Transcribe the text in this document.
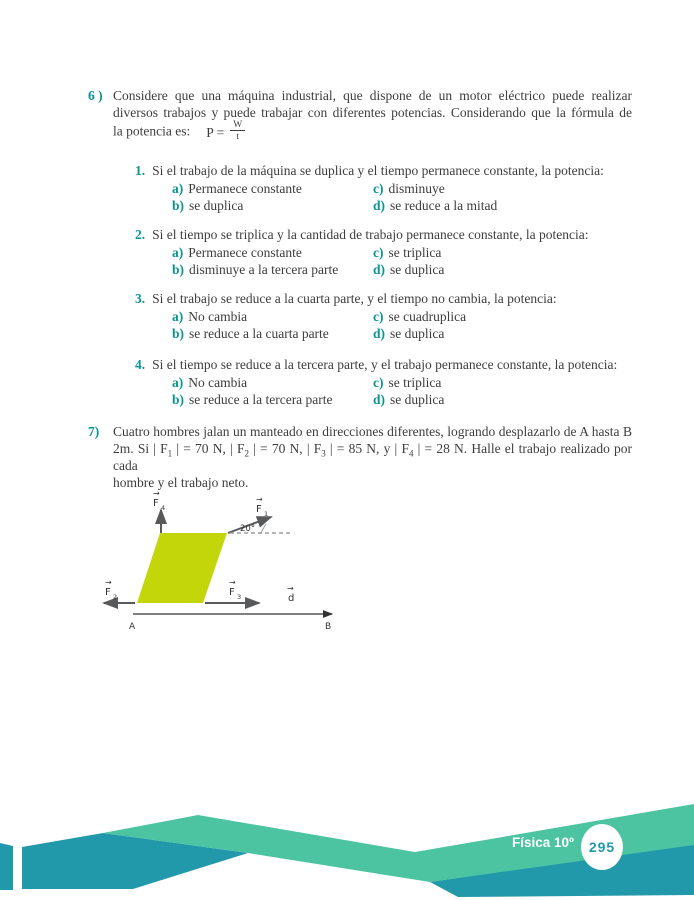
6 ) Considere que una máquina industrial, que dispone de un motor eléctrico puede realizar
diversos trabajos y puede trabajar con diferentes potencias. Considerando que la fórmula de
la potencia es: $P = \frac{W}{t}$
1. Si el trabajo de la máquina se duplica y el tiempo permanece constante, la potencia:
a) Permanece constante
b) se duplica
c) disminuye
d) se reduce a la mitad
2. Si el tiempo se triplica y la cantidad de trabajo permanece constante, la potencia:
a) Permanece constante
b) disminuye a la tercera parte
c) se triplica
d) se duplica
3. Si el trabajo se reduce a la cuarta parte, y el tiempo no cambia, la potencia:
a) No cambia
b) se reduce a la cuarta parte
c) se cuadruplica
d) se duplica
4. Si el tiempo se reduce a la tercera parte, y el trabajo permanece constante, la potencia:
a) No cambia
b) se reduce a la tercera parte
c) se triplica
d) se duplica
7)	Cuatro hombres jalan un manteado en direcciones diferentes, logrando desplazarlo de A hasta B
2m. Si | $F_1$ | = 70 N, | $F_2$ | = 70 N, | $F_3$ | = 85 N, y | $F_4$ | = 28 N. Halle el trabajo realizado por cada
hombre y el trabajo neto.
→
F 4
20°
→
F 1
→
F 2
→
F 3
→
d
A	B
Física 10º 295
